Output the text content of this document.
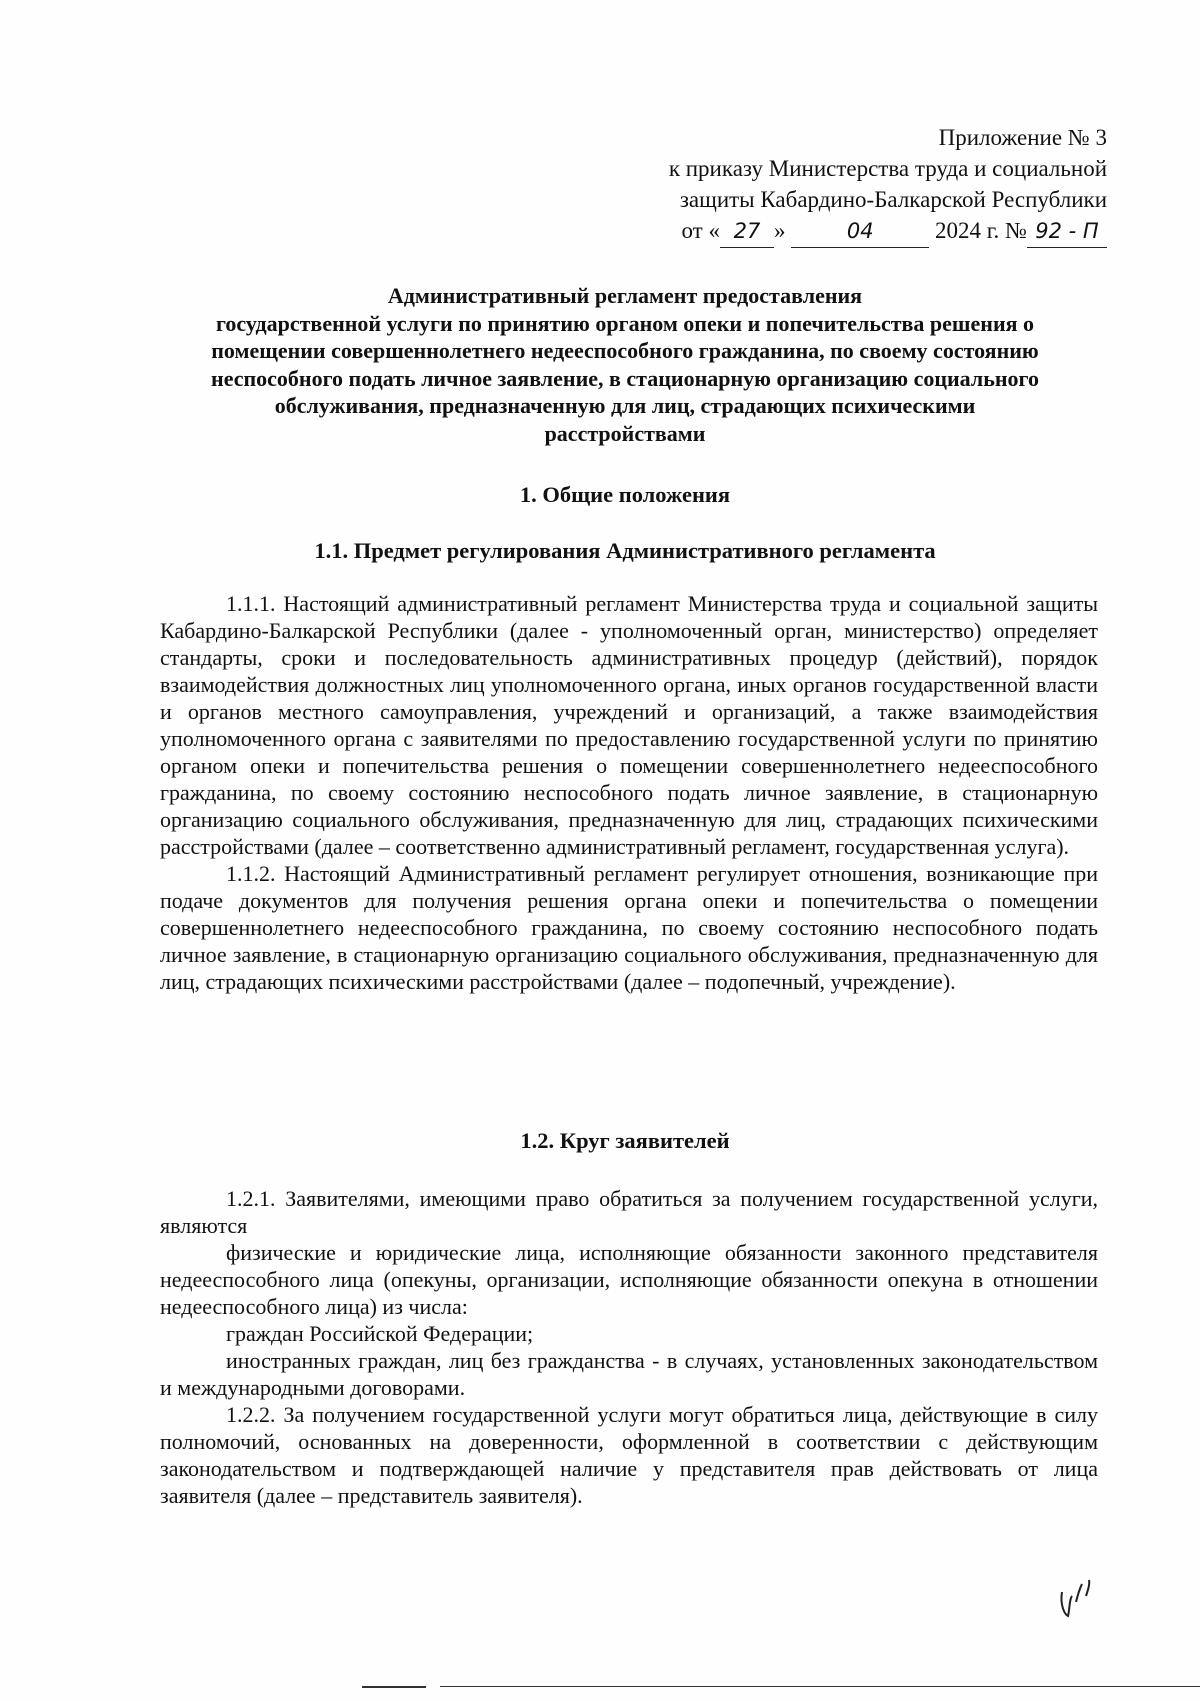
Приложение № 3
к приказу Министерства труда и социальной
защиты Кабардино-Балкарской Республики
от « 27 »	04	2024 г. № 92 - П
Административный регламент предоставления
государственной услуги по принятию органом опеки и попечительства решения о
помещении совершеннолетнего недееспособного гражданина, по своему состоянию
неспособного подать личное заявление, в стационарную организацию социального
обслуживания, предназначенную для лиц, страдающих психическими
расстройствами
1. Общие положения
1.1. Предмет регулирования Административного регламента

1.1.1. Настоящий административный регламент Министерства труда и социальной защиты Кабардино-Балкарской Республики (далее - уполномоченный орган, министерство) определяет стандарты, сроки и последовательность административных процедур (действий), порядок взаимодействия должностных лиц уполномоченного органа, иных органов государственной власти и органов местного самоуправления, учреждений и организаций, а также взаимодействия уполномоченного органа с заявителями по предоставлению государственной услуги по принятию органом опеки и попечительства решения о помещении совершеннолетнего недееспособного гражданина, по своему состоянию неспособного подать личное заявление, в стационарную организацию социального обслуживания, предназначенную для лиц, страдающих психическими расстройствами (далее – соответственно административный регламент, государственная услуга).

1.1.2. Настоящий Административный регламент регулирует отношения, возникающие при подаче документов для получения решения органа опеки и попечительства о помещении совершеннолетнего недееспособного гражданина, по своему состоянию неспособного подать личное заявление, в стационарную организацию социального обслуживания, предназначенную для лиц, страдающих психическими расстройствами (далее – подопечный, учреждение).

1.2. Круг заявителей

1.2.1. Заявителями, имеющими право обратиться за получением государственной услуги, являются

физические и юридические лица, исполняющие обязанности законного представителя недееспособного лица (опекуны, организации, исполняющие обязанности опекуна в отношении недееспособного лица) из числа:

граждан Российской Федерации;

иностранных граждан, лиц без гражданства - в случаях, установленных законодательством и международными договорами.

1.2.2. За получением государственной услуги могут обратиться лица, действующие в силу полномочий, основанных на доверенности, оформленной в соответствии с действующим законодательством и подтверждающей наличие у представителя прав действовать от лица заявителя (далее – представитель заявителя).
